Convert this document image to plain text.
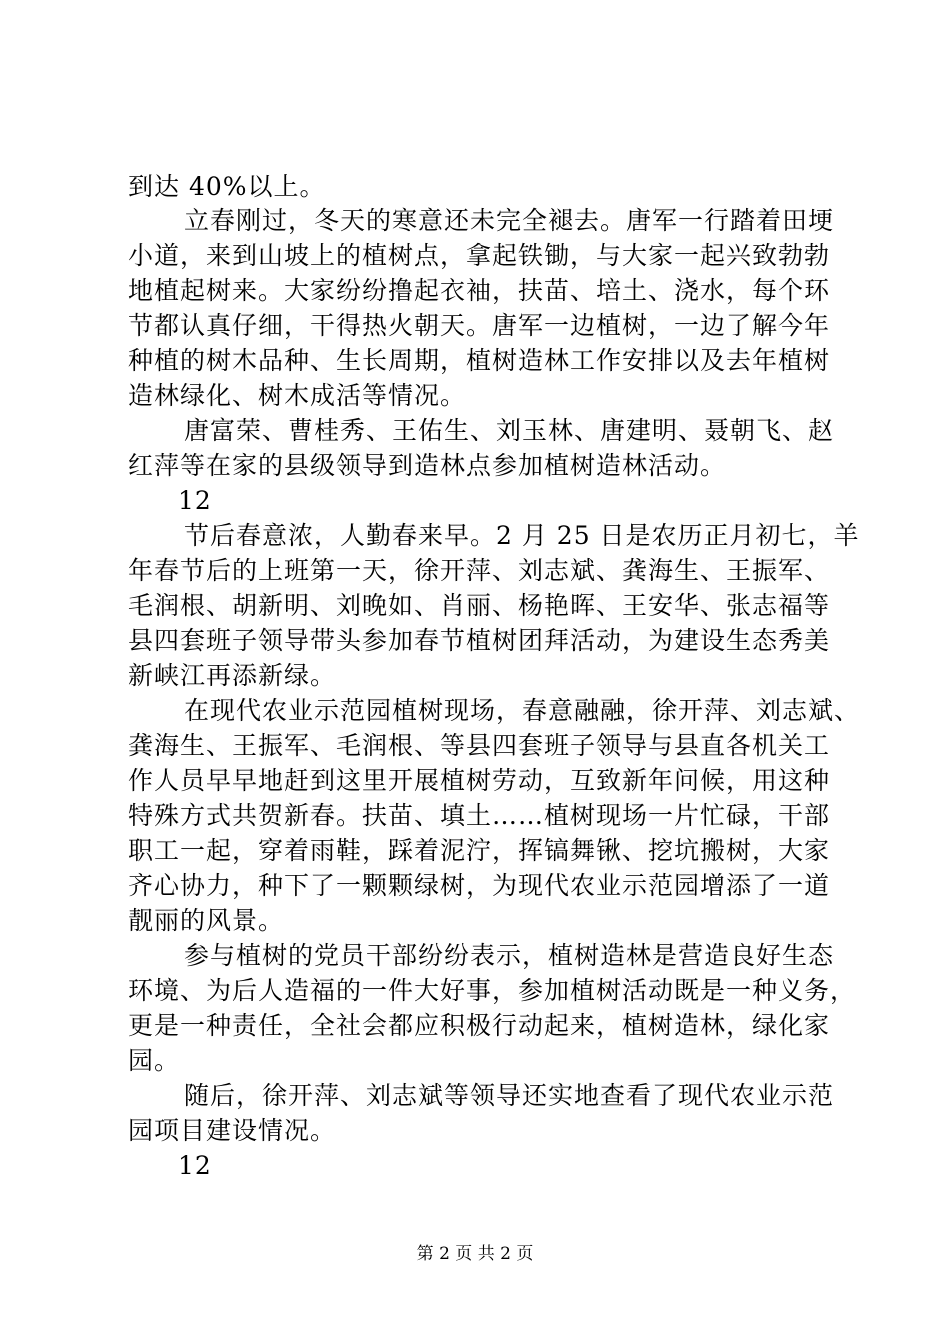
到达 40%以上。
立春刚过，冬天的寒意还未完全褪去。唐军一行踏着田埂
小道，来到山坡上的植树点，拿起铁锄，与大家一起兴致勃勃
地植起树来。大家纷纷撸起衣袖，扶苗、培土、浇水，每个环
节都认真仔细，干得热火朝天。唐军一边植树，一边了解今年
种植的树木品种、生长周期，植树造林工作安排以及去年植树
造林绿化、树木成活等情况。
唐富荣、曹桂秀、王佑生、刘玉林、唐建明、聂朝飞、赵
红萍等在家的县级领导到造林点参加植树造林活动。
12
节后春意浓，人勤春来早。2 月 25 日是农历正月初七，羊
年春节后的上班第一天，徐开萍、刘志斌、龚海生、王振军、
毛润根、胡新明、刘晚如、肖丽、杨艳晖、王安华、张志福等
县四套班子领导带头参加春节植树团拜活动，为建设生态秀美
新峡江再添新绿。
在现代农业示范园植树现场，春意融融，徐开萍、刘志斌、
龚海生、王振军、毛润根、等县四套班子领导与县直各机关工
作人员早早地赶到这里开展植树劳动，互致新年问候，用这种
特殊方式共贺新春。扶苗、填土……植树现场一片忙碌，干部
职工一起，穿着雨鞋，踩着泥泞，挥镐舞锹、挖坑搬树，大家
齐心协力，种下了一颗颗绿树，为现代农业示范园增添了一道
靓丽的风景。
参与植树的党员干部纷纷表示，植树造林是营造良好生态
环境、为后人造福的一件大好事，参加植树活动既是一种义务，
更是一种责任，全社会都应积极行动起来，植树造林，绿化家
园。
随后，徐开萍、刘志斌等领导还实地查看了现代农业示范
园项目建设情况。
12
第 2 页 共 2 页
